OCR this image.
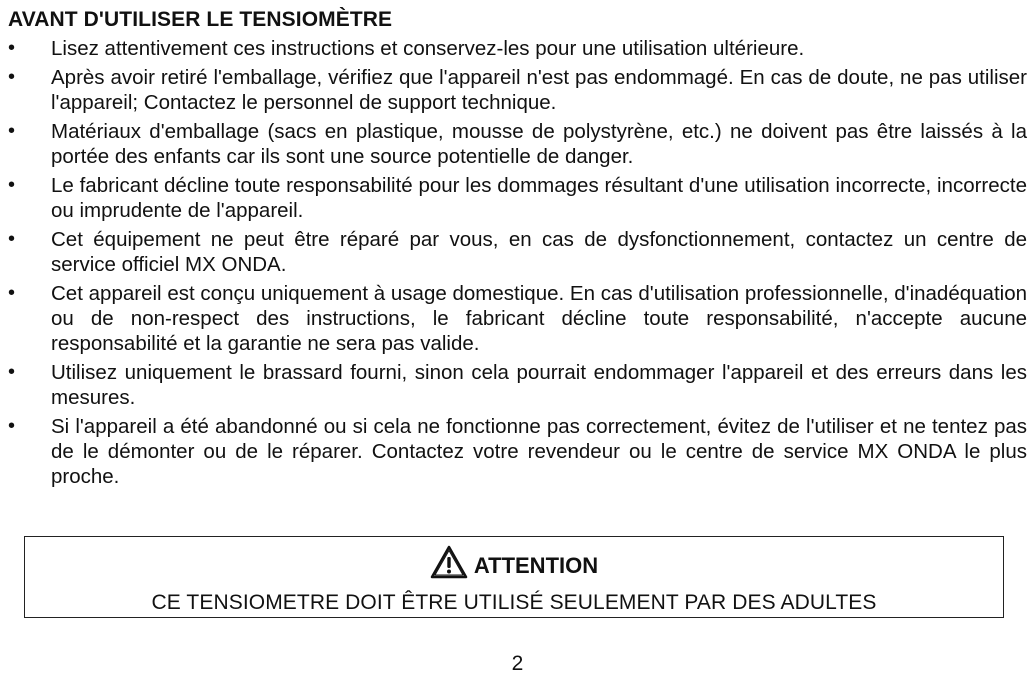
AVANT D'UTILISER LE TENSIOMÈTRE
• Lisez attentivement ces instructions et conservez-les pour une utilisation ultérieure.
• Après avoir retiré l'emballage, vérifiez que l'appareil n'est pas endommagé. En cas de doute, ne pas utiliser l'appareil; Contactez le personnel de support technique.
• Matériaux d'emballage (sacs en plastique, mousse de polystyrène, etc.) ne doivent pas être laissés à la portée des enfants car ils sont une source potentielle de danger.
• Le fabricant décline toute responsabilité pour les dommages résultant d'une utilisation incorrecte, incorrecte ou imprudente de l'appareil.
• Cet équipement ne peut être réparé par vous, en cas de dysfonctionnement, contactez un centre de service officiel MX ONDA.
• Cet appareil est conçu uniquement à usage domestique. En cas d'utilisation professionnelle, d'inadéquation ou de non-respect des instructions, le fabricant décline toute responsabilité, n'accepte aucune responsabilité et la garantie ne sera pas valide.
• Utilisez uniquement le brassard fourni, sinon cela pourrait endommager l'appareil et des erreurs dans les mesures.
• Si l'appareil a été abandonné ou si cela ne fonctionne pas correctement, évitez de l'utiliser et ne tentez pas de le démonter ou de le réparer. Contactez votre revendeur ou le centre de service MX ONDA le plus proche.
ATTENTION
CE TENSIOMETRE DOIT ÊTRE UTILISÉ SEULEMENT PAR DES ADULTES
2
